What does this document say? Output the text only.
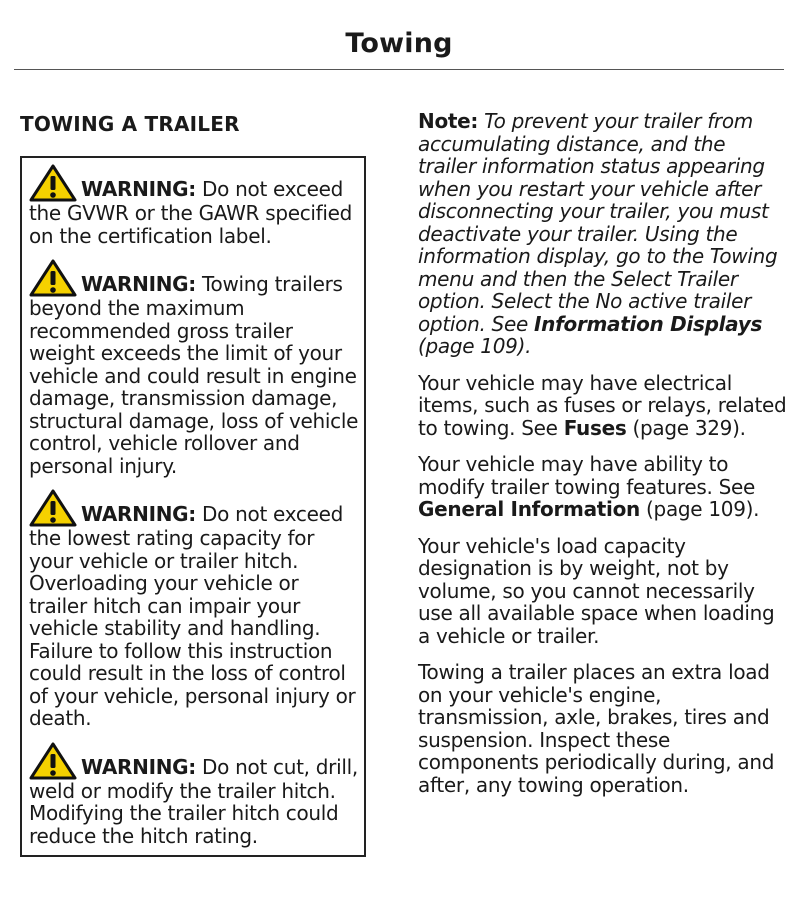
Towing
TOWING A TRAILER

WARNING: Do not exceed the GVWR or the GAWR specified on the certification label.

WARNING: Towing trailers beyond the maximum recommended gross trailer weight exceeds the limit of your vehicle and could result in engine damage, transmission damage, structural damage, loss of vehicle control, vehicle rollover and personal injury.

WARNING: Do not exceed the lowest rating capacity for your vehicle or trailer hitch. Overloading your vehicle or trailer hitch can impair your vehicle stability and handling. Failure to follow this instruction could result in the loss of control of your vehicle, personal injury or death.

WARNING: Do not cut, drill, weld or modify the trailer hitch. Modifying the trailer hitch could reduce the hitch rating.

Note: To prevent your trailer from accumulating distance, and the trailer information status appearing when you restart your vehicle after disconnecting your trailer, you must deactivate your trailer. Using the information display, go to the Towing menu and then the Select Trailer option. Select the No active trailer option. See Information Displays (page 109).

Your vehicle may have electrical items, such as fuses or relays, related to towing. See Fuses (page 329).

Your vehicle may have ability to modify trailer towing features. See General Information (page 109).

Your vehicle's load capacity designation is by weight, not by volume, so you cannot necessarily use all available space when loading a vehicle or trailer.

Towing a trailer places an extra load on your vehicle's engine, transmission, axle, brakes, tires and suspension. Inspect these components periodically during, and after, any towing operation.
